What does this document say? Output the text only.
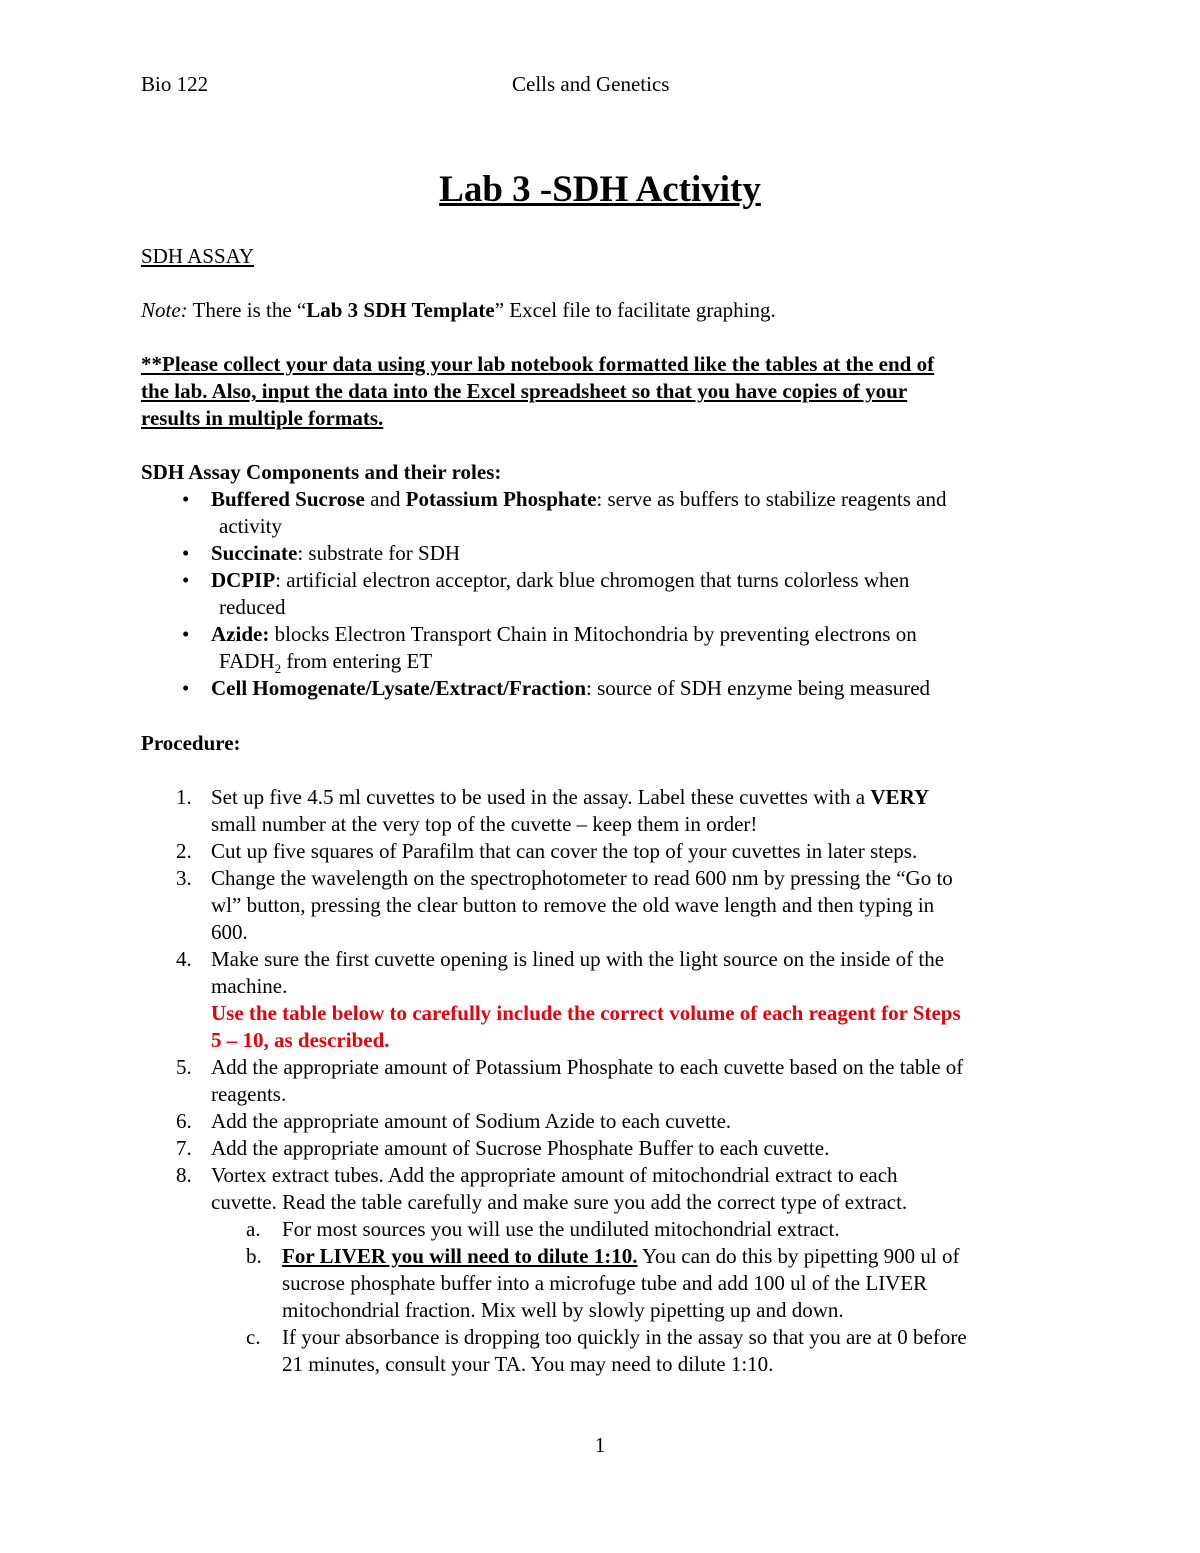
Bio 122	Cells and Genetics
Lab 3 -SDH Activity
SDH ASSAY
Note: There is the “Lab 3 SDH Template” Excel file to facilitate graphing.
**Please collect your data using your lab notebook formatted like the tables at the end of
the lab. Also, input the data into the Excel spreadsheet so that you have copies of your
results in multiple formats.
SDH Assay Components and their roles:
• Buffered Sucrose and Potassium Phosphate: serve as buffers to stabilize reagents and
activity
• Succinate: substrate for SDH
• DCPIP: artificial electron acceptor, dark blue chromogen that turns colorless when
reduced
• Azide: blocks Electron Transport Chain in Mitochondria by preventing electrons on
$FADH_2$ from entering ET
• Cell Homogenate/Lysate/Extract/Fraction: source of SDH enzyme being measured
Procedure:
1. Set up five 4.5 ml cuvettes to be used in the assay. Label these cuvettes with a VERY
small number at the very top of the cuvette – keep them in order!
2. Cut up five squares of Parafilm that can cover the top of your cuvettes in later steps.
3. Change the wavelength on the spectrophotometer to read 600 nm by pressing the “Go to
wl” button, pressing the clear button to remove the old wave length and then typing in
600.
4. Make sure the first cuvette opening is lined up with the light source on the inside of the
machine.
Use the table below to carefully include the correct volume of each reagent for Steps
5 – 10, as described.
5. Add the appropriate amount of Potassium Phosphate to each cuvette based on the table of
reagents.
6. Add the appropriate amount of Sodium Azide to each cuvette.
7. Add the appropriate amount of Sucrose Phosphate Buffer to each cuvette.
8. Vortex extract tubes. Add the appropriate amount of mitochondrial extract to each
cuvette. Read the table carefully and make sure you add the correct type of extract.
a. For most sources you will use the undiluted mitochondrial extract.
b. For LIVER you will need to dilute 1:10. You can do this by pipetting 900 ul of
sucrose phosphate buffer into a microfuge tube and add 100 ul of the LIVER
mitochondrial fraction. Mix well by slowly pipetting up and down.
c. If your absorbance is dropping too quickly in the assay so that you are at 0 before
21 minutes, consult your TA. You may need to dilute 1:10.
1
